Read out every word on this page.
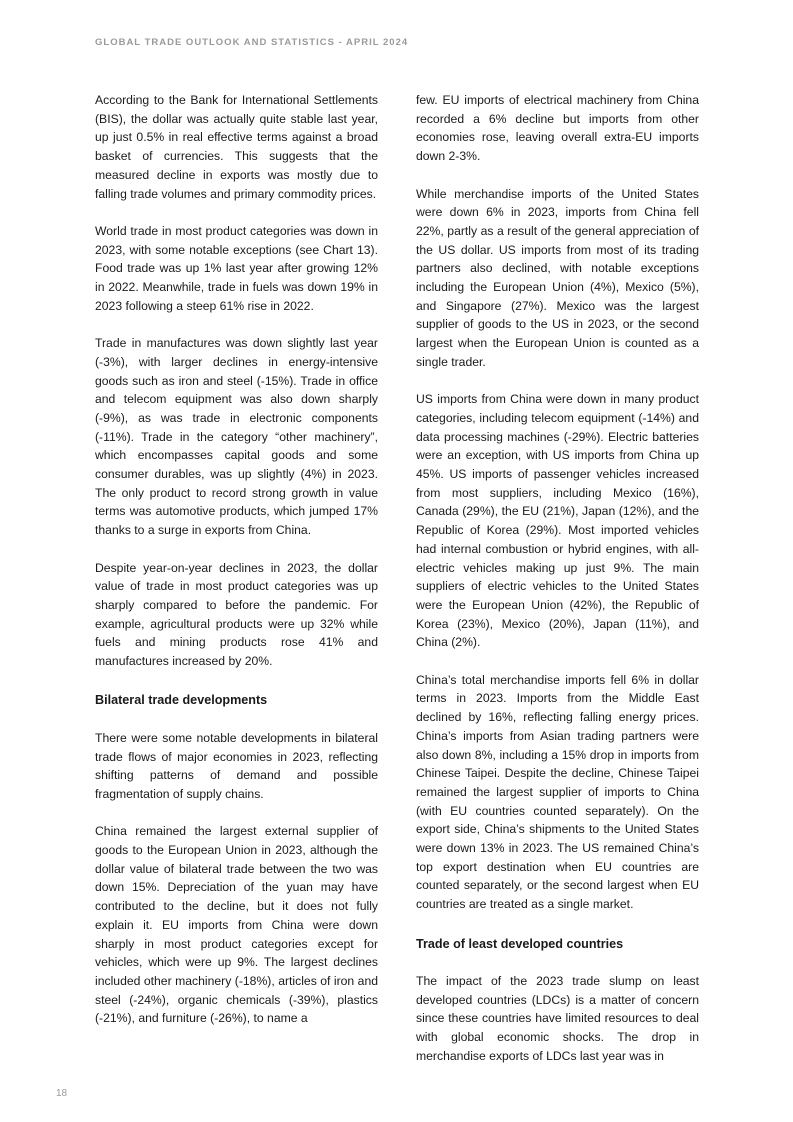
GLOBAL TRADE OUTLOOK AND STATISTICS - APRIL 2024

According to the Bank for International Settlements (BIS), the dollar was actually quite stable last year, up just 0.5% in real effective terms against a broad basket of currencies. This suggests that the measured decline in exports was mostly due to falling trade volumes and primary commodity prices.

World trade in most product categories was down in 2023, with some notable exceptions (see Chart 13). Food trade was up 1% last year after growing 12% in 2022. Meanwhile, trade in fuels was down 19% in 2023 following a steep 61% rise in 2022.

Trade in manufactures was down slightly last year (-3%), with larger declines in energy-intensive goods such as iron and steel (-15%). Trade in office and telecom equipment was also down sharply (-9%), as was trade in electronic components (-11%). Trade in the category “other machinery”, which encompasses capital goods and some consumer durables, was up slightly (4%) in 2023. The only product to record strong growth in value terms was automotive products, which jumped 17% thanks to a surge in exports from China.

Despite year-on-year declines in 2023, the dollar value of trade in most product categories was up sharply compared to before the pandemic. For example, agricultural products were up 32% while fuels and mining products rose 41% and manufactures increased by 20%.

Bilateral trade developments

There were some notable developments in bilateral trade flows of major economies in 2023, reflecting shifting patterns of demand and possible fragmentation of supply chains.

China remained the largest external supplier of goods to the European Union in 2023, although the dollar value of bilateral trade between the two was down 15%. Depreciation of the yuan may have contributed to the decline, but it does not fully explain it. EU imports from China were down sharply in most product categories except for vehicles, which were up 9%. The largest declines included other machinery (-18%), articles of iron and steel (-24%), organic chemicals (-39%), plastics (-21%), and furniture (-26%), to name a

few. EU imports of electrical machinery from China recorded a 6% decline but imports from other economies rose, leaving overall extra-EU imports down 2-3%.

While merchandise imports of the United States were down 6% in 2023, imports from China fell 22%, partly as a result of the general appreciation of the US dollar. US imports from most of its trading partners also declined, with notable exceptions including the European Union (4%), Mexico (5%), and Singapore (27%). Mexico was the largest supplier of goods to the US in 2023, or the second largest when the European Union is counted as a single trader.

US imports from China were down in many product categories, including telecom equipment (-14%) and data processing machines (-29%). Electric batteries were an exception, with US imports from China up 45%. US imports of passenger vehicles increased from most suppliers, including Mexico (16%), Canada (29%), the EU (21%), Japan (12%), and the Republic of Korea (29%). Most imported vehicles had internal combustion or hybrid engines, with all-electric vehicles making up just 9%. The main suppliers of electric vehicles to the United States were the European Union (42%), the Republic of Korea (23%), Mexico (20%), Japan (11%), and China (2%).

China’s total merchandise imports fell 6% in dollar terms in 2023. Imports from the Middle East declined by 16%, reflecting falling energy prices. China’s imports from Asian trading partners were also down 8%, including a 15% drop in imports from Chinese Taipei. Despite the decline, Chinese Taipei remained the largest supplier of imports to China (with EU countries counted separately). On the export side, China’s shipments to the United States were down 13% in 2023. The US remained China’s top export destination when EU countries are counted separately, or the second largest when EU countries are treated as a single market.

Trade of least developed countries

The impact of the 2023 trade slump on least developed countries (LDCs) is a matter of concern since these countries have limited resources to deal with global economic shocks. The drop in merchandise exports of LDCs last year was in

18
